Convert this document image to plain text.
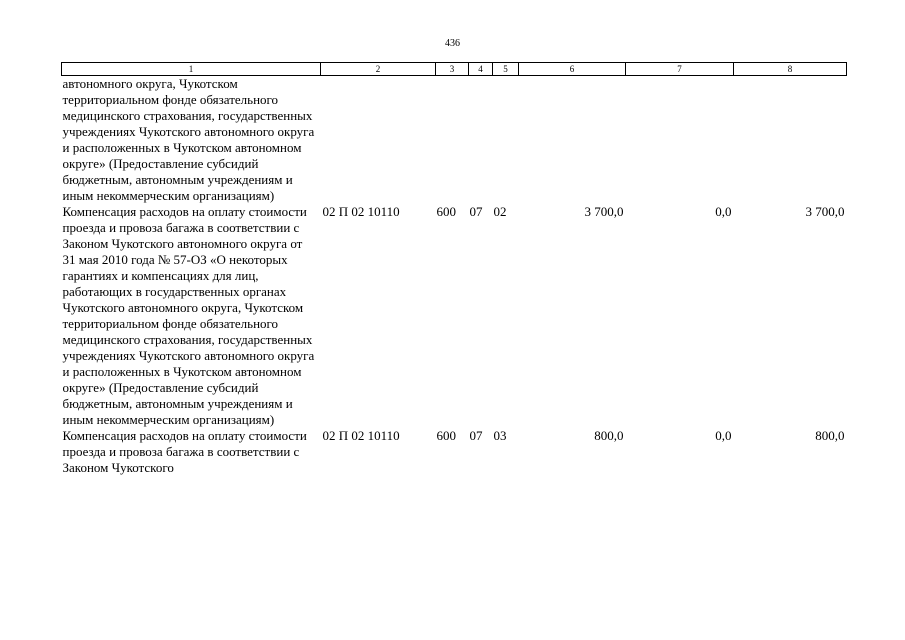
436
1	2	3	4	5	6	7	8
автономного округа, Чукотском территориальном фонде обязательного медицинского страхования, государственных учреждениях Чукотского автономного округа и расположенных в Чукотском автономном округе» (Предоставление субсидий бюджетным, автономным учреждениям и иным некоммерческим организациям)							
Компенсация расходов на оплату стоимости проезда и провоза багажа в соответствии с Законом Чукотского автономного округа от 31 мая 2010 года № 57-ОЗ «О некоторых гарантиях и компенсациях для лиц, работающих в государственных органах Чукотского автономного округа, Чукотском территориальном фонде обязательного медицинского страхования, государственных учреждениях Чукотского автономного округа и расположенных в Чукотском автономном округе» (Предоставление субсидий бюджетным, автономным учреждениям и иным некоммерческим организациям)	02 П 02 10110	600	07	02	3 700,0	0,0	3 700,0
Компенсация расходов на оплату стоимости проезда и провоза багажа в соответствии с Законом Чукотского	02 П 02 10110	600	07	03	800,0	0,0	800,0
